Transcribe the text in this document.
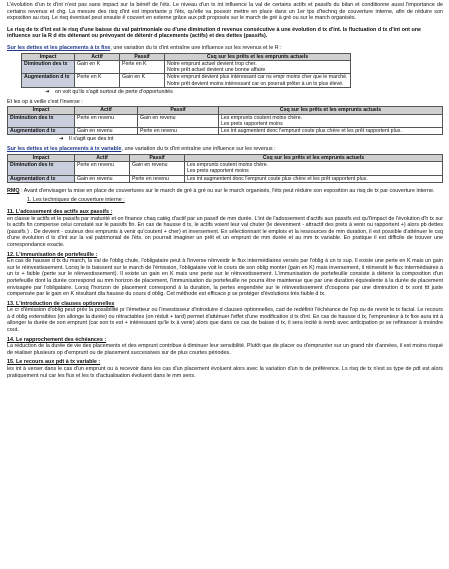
L'évolution d'un tx d'int n'est pas sans impact sur la bénéf de l'éts. Le niveau d'un tx int influence la val de certains actifs et passifs du bilan et conditionne aussi l'importance de certains revenus et chg. La mesure des risq d'int est importante p l'éts, qu'elle va pouvoir mettre en place dans un 1er tps d'technq de couverture interne, afin de réduire son exposition au risq. Le risq éventuel peut ensuite ê couvert en externe grâce aux pdt proposés sur le march de gré à gré ou sur le march organisés.

Le risq de tx d'int est le risq d'une baisse du val patrimoniale ou d'une diminution d revenus consécutive à une évolution d tx d'int. Is fluctuation d tx d'int ont une influence sur la R d éts détenant ou prévoyant de détenir d placements (actifs) et des dettes (passifs).

Sur les dettes et les placements à tx fixe, une variation du tx d'int entraîne une influence sur les revenus et le R :

Impact	Actif	Passif	Csq sur les prêts et les emprunts actuels
Diminution des tx	Gain en K	Perte en K	Notre emprunt actuel devient trop cher.
Notre prêt actuel devient une bonne affaire

Augmentation d tx	Perte en K	Gain en K	Notre emprunt devient plus intéressant car ns empr moins cher que le marché.
Notre prêt devient moins intéressant car on pourrait prêter à un tx plus élevé.

➜ on voit qu'ils s'agit surtout de perte d'opportunités

Et les op à veille c'est l'inverse :

Impact	Actif	Passif	Csq sur les prêts et les emprunts actuels
Diminution des tx	Perte en revenu	Gain en revenu	Les emprunts coutent moins chère.
Les prets rapportent moins

Augmentation d tx	Gain en revenu	Perte en revenu	Les int augmentent donc l'emprunt coute plus chère et les prêt rapportent plus.

➜ Il s'agit que des int

Sur les dettes et les placements à tx variable, une variation du tx d'int entraîne une influence sur les revenus :

Impact	Actif	Passif	Csq sur les prêts et les emprunts actuels
Diminution des tx	Perte en revenu	Gain en revenu	Les emprunts coutent moins chère.
Les prets rapportent moins

Augmentation d tx	Gain en revenu	Perte en revenu	Les int augmentent donc l'emprunt coute plus chère et les prêt rapportent plus.

RMQ : Avant d'envisager la mise en place de couvertures sur le march de gré à gré ou sur le march organisés, l'éts peut réduire son exposition au risq de tx par couverture interne.

1. Les techniques de couverture interne :

11. L'adossement des actifs aux passifs :

en classe le actifs et le passifs par maturité et on finance chaq catég d'actif par un passif de mm durée. L'int de l'adossement d'actifs aux passifs est qu'l'impact de l'évolution d'h tx sur ls actifs fin compense celui constaté sur le passifs fin. En cas de hausse d tx, le actifs voient leur val chuter (le devenment - attractif des prets à venir ou rapportent +) alors pb dettes (passifs ) . De devient - couteux des emprunts à venir qu'coutent + cher) et inversement. En sélectionnant le emplois et la ressources de mm duration, il est possible d'atténuer le csq d'une évolution d tx d'int sur la val patrimonial de l'éts. on pourrait imaginer un prêt et un emprunt de mm durée et au mm tx variable. En pratique il est difficile de trouver une correspondance exacte.

12. L'immunisation de portefeuille :

En cas de hausse d tx du march, la val de l'oblig chute, l'obligataire peut à l'inverse réinvestir le flux intermédiaires versés par l'oblig à un tx sup. Il existe une perte en K mais un gain sur le réinvestissement. Lorsq le tx baissent sur le march de l'émission, l'obligataire voit le cours de son oblig monter (gain en K) mais inversement, il réinvestit le flux intermédiaires à un tx + faible (perte sur le réinvestissement). Il existe un gain en K mais une perte sur le réinvestissement. L'immunisation de portefeuille consiste à détenir la composition d'un portefeuille dont la durée correspond au mm horizon de placement, l'immunisation du portefeuille ne pourra être maintenue que par une duration équivalente à la durée de placement envisagée par l'obligataire. Lorsq l'horizon de placement correspond à la duration, la pertes engendrée sur le réinvestissement d'coupons par une diminution d tx sont ttt juste compensée par le gain en K résultant dla hausse du cours d oblig. Cet méthode est efficace p se protéger d'évolutions très faible d tx.

13. L'introduction de clauses optionnelles

Le cr d'émission d'oblig peut prév la possibilité pr l'émetteur ou l'investisseur d'introduire d clauses optionnelles, cad de redéfinir l'échéance de l'op ou de revoir le tx facial. Le recours à d oblig extensibles (on allonge la durée) ou rétractables (on réduit + tard) permet d'atténuer l'effet d'une modification d tx d'int. En cas de hausse d tx, l'emprunteur à tx fixe aura int à allonger la durée de son emprunt (car son tx est + intéressant qu'le tx à venir) alors que dans ce cas de baisse d tx, il sera incité à remb avec anticipation pr se refinancer à moindre cout.

14. Le rapprochement des échéances :

La réduction de la durée de vie des placements et des emprunt contribue à diminuer leur sensibilité. Plutôt que de placer ou d'emprunter sur un grand nbr d'années, il est moins risqué de réaliser plusieurs op d'emprunt ou de placement successives sur de plus courtes périodes.

15. Le recours aux pdt à tx variable :

les int à verser dans le cas d'un emprunt ou à recevoir dans les cas d'un placement évoluent alors avec la variation d'un tx de préférence. Ls risq de tx n'est ss type de pdt est alors pratiquement nul car les flux et les tx d'actualisation évoluent dans le mm sens.
